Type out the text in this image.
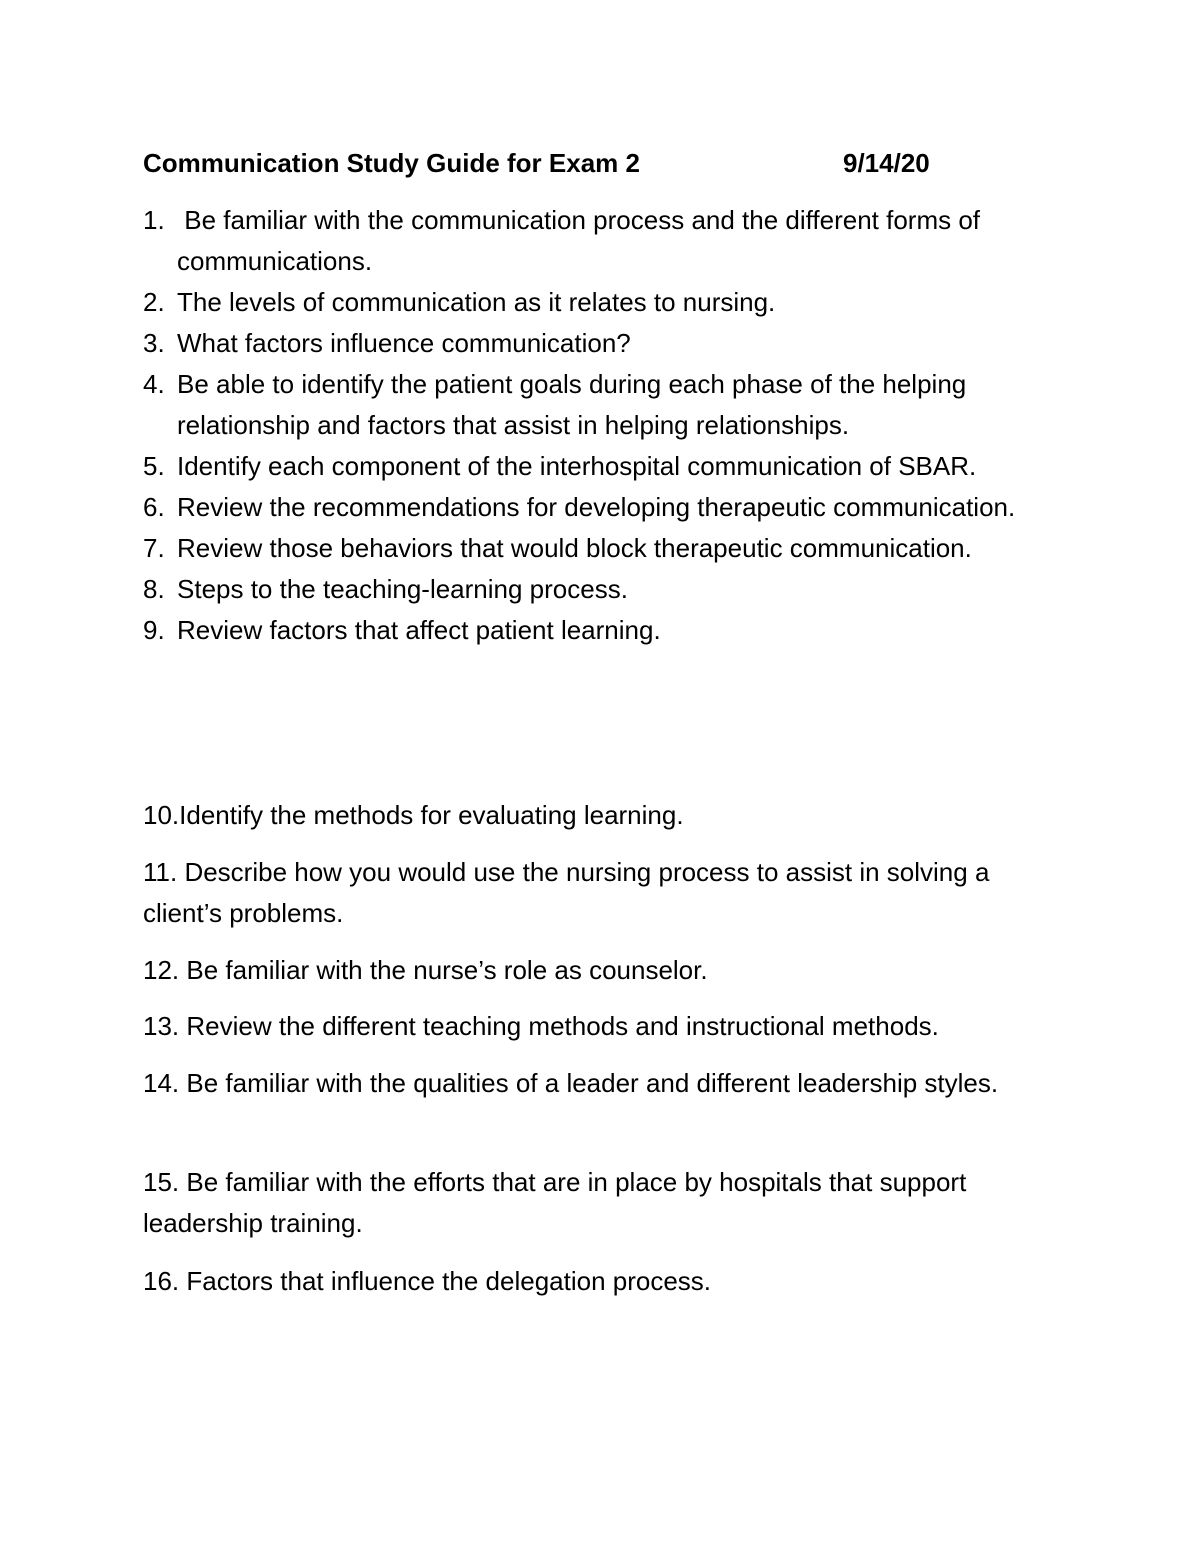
Communication Study Guide for Exam 2	9/14/20
1. Be familiar with the communication process and the different forms of communications.
2. The levels of communication as it relates to nursing.
3. What factors influence communication?
4. Be able to identify the patient goals during each phase of the helping relationship and factors that assist in helping relationships.
5. Identify each component of the interhospital communication of SBAR.
6. Review the recommendations for developing therapeutic communication.
7. Review those behaviors that would block therapeutic communication.
8. Steps to the teaching-learning process.
9. Review factors that affect patient learning.

10.Identify the methods for evaluating learning.

11. Describe how you would use the nursing process to assist in solving a client’s problems.

12. Be familiar with the nurse’s role as counselor.

13. Review the different teaching methods and instructional methods.

14. Be familiar with the qualities of a leader and different leadership styles.

15. Be familiar with the efforts that are in place by hospitals that support leadership training.

16. Factors that influence the delegation process.
